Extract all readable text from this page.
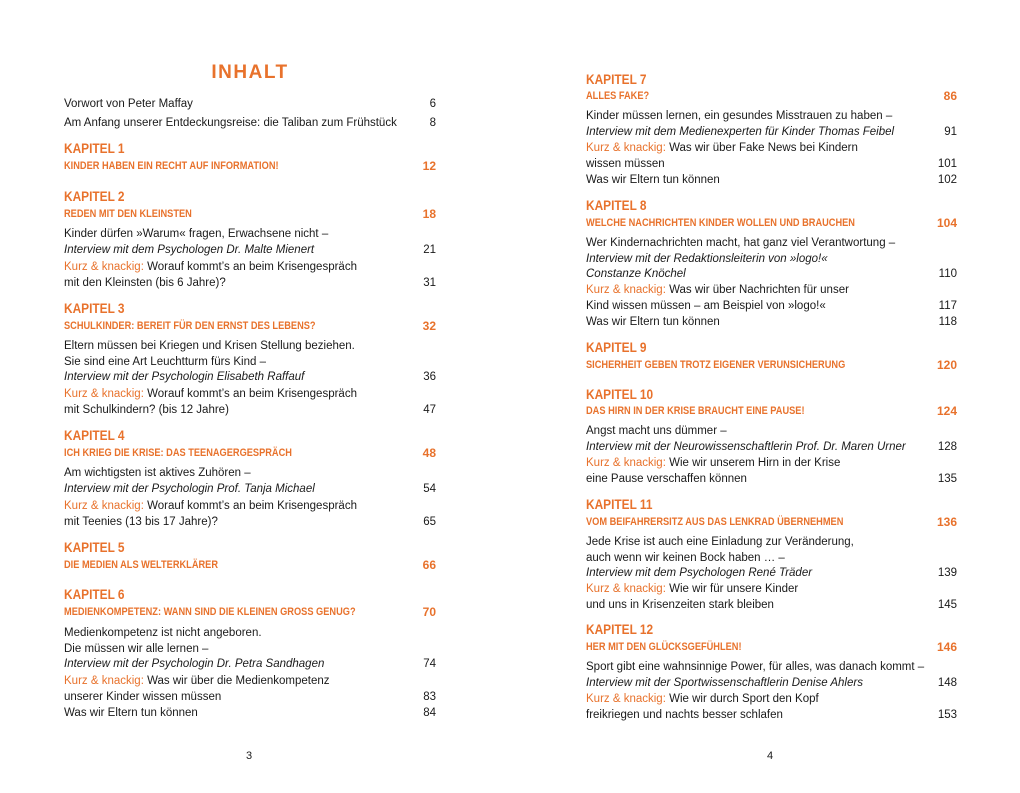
INHALT
Vorwort von Peter Maffay	6
Am Anfang unserer Entdeckungsreise: die Taliban zum Frühstück	8
KAPITEL 1
KINDER HABEN EIN RECHT AUF INFORMATION!	12
KAPITEL 2
REDEN MIT DEN KLEINSTEN	18
Kinder dürfen »Warum« fragen, Erwachsene nicht –
Interview mit dem Psychologen Dr. Malte Mienert	21
Kurz & knackig: Worauf kommt’s an beim Krisengespräch
mit den Kleinsten (bis 6 Jahre)?	31
KAPITEL 3
SCHULKINDER: BEREIT FÜR DEN ERNST DES LEBENS?	32
Eltern müssen bei Kriegen und Krisen Stellung beziehen.
Sie sind eine Art Leuchtturm fürs Kind –
Interview mit der Psychologin Elisabeth Raffauf	36
Kurz & knackig: Worauf kommt’s an beim Krisengespräch
mit Schulkindern? (bis 12 Jahre)	47
KAPITEL 4
ICH KRIEG DIE KRISE: DAS TEENAGERGESPRÄCH	48
Am wichtigsten ist aktives Zuhören –
Interview mit der Psychologin Prof. Tanja Michael	54
Kurz & knackig: Worauf kommt’s an beim Krisengespräch
mit Teenies (13 bis 17 Jahre)?	65
KAPITEL 5
DIE MEDIEN ALS WELTERKLÄRER	66
KAPITEL 6
MEDIENKOMPETENZ: WANN SIND DIE KLEINEN GROSS GENUG?	70
Medienkompetenz ist nicht angeboren.
Die müssen wir alle lernen –
Interview mit der Psychologin Dr. Petra Sandhagen	74
Kurz & knackig: Was wir über die Medienkompetenz
unserer Kinder wissen müssen	83
Was wir Eltern tun können	84
KAPITEL 7
ALLES FAKE?	86
Kinder müssen lernen, ein gesundes Misstrauen zu haben –
Interview mit dem Medienexperten für Kinder Thomas Feibel	91
Kurz & knackig: Was wir über Fake News bei Kindern
wissen müssen	101
Was wir Eltern tun können	102
KAPITEL 8
WELCHE NACHRICHTEN KINDER WOLLEN UND BRAUCHEN	104
Wer Kindernachrichten macht, hat ganz viel Verantwortung –
Interview mit der Redaktionsleiterin von »logo!«
Constanze Knöchel	110
Kurz & knackig: Was wir über Nachrichten für unser
Kind wissen müssen – am Beispiel von »logo!«	117
Was wir Eltern tun können	118
KAPITEL 9
SICHERHEIT GEBEN TROTZ EIGENER VERUNSICHERUNG	120
KAPITEL 10
DAS HIRN IN DER KRISE BRAUCHT EINE PAUSE!	124
Angst macht uns dümmer –
Interview mit der Neurowissenschaftlerin Prof. Dr. Maren Urner	128
Kurz & knackig: Wie wir unserem Hirn in der Krise
eine Pause verschaffen können	135
KAPITEL 11
VOM BEIFAHRERSITZ AUS DAS LENKRAD ÜBERNEHMEN	136
Jede Krise ist auch eine Einladung zur Veränderung,
auch wenn wir keinen Bock haben … –
Interview mit dem Psychologen René Träder	139
Kurz & knackig: Wie wir für unsere Kinder
und uns in Krisenzeiten stark bleiben	145
KAPITEL 12
HER MIT DEN GLÜCKSGEFÜHLEN!	146
Sport gibt eine wahnsinnige Power, für alles, was danach kommt –
Interview mit der Sportwissenschaftlerin Denise Ahlers	148
Kurz & knackig: Wie wir durch Sport den Kopf
freikriegen und nachts besser schlafen	153
3	4
